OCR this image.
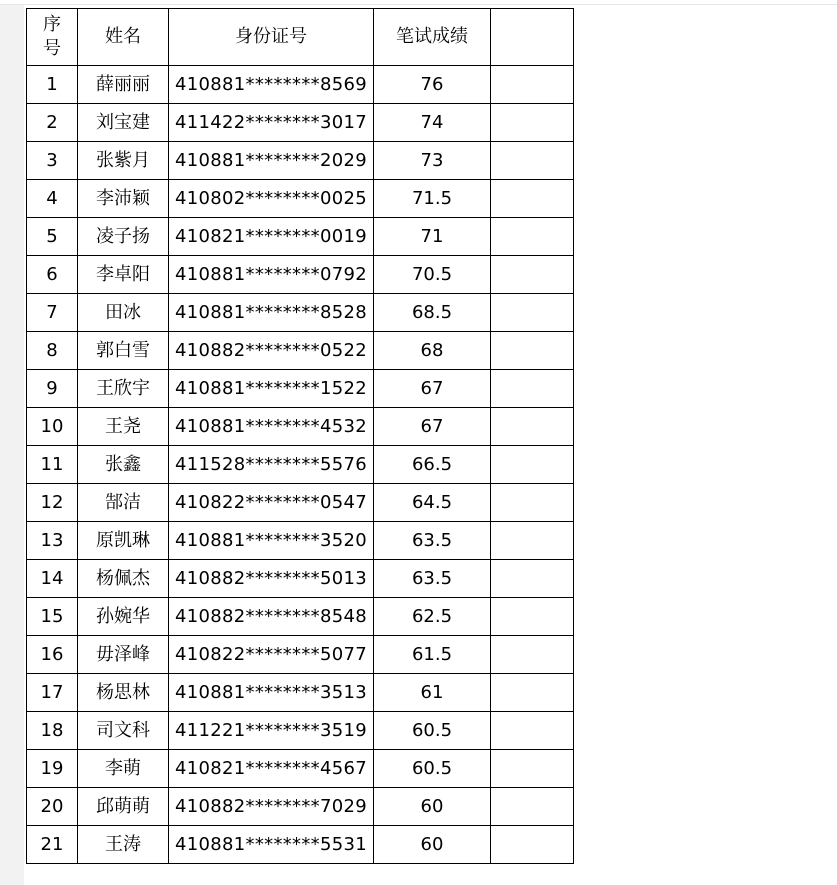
序
号	姓名	身份证号	笔试成绩	
1	薛丽丽	410881********8569	76	
2	刘宝建	411422********3017	74	
3	张紫月	410881********2029	73	
4	李沛颖	410802********0025	71.5	
5	凌子扬	410821********0019	71	
6	李卓阳	410881********0792	70.5	
7	田冰	410881********8528	68.5	
8	郭白雪	410882********0522	68	
9	王欣宇	410881********1522	67	
10	王尧	410881********4532	67	
11	张鑫	411528********5576	66.5	
12	郜洁	410822********0547	64.5	
13	原凯琳	410881********3520	63.5	
14	杨佩杰	410882********5013	63.5	
15	孙婉华	410882********8548	62.5	
16	毋泽峰	410822********5077	61.5	
17	杨思林	410881********3513	61	
18	司文科	411221********3519	60.5	
19	李萌	410821********4567	60.5	
20	邱萌萌	410882********7029	60	
21	王涛	410881********5531	60	
